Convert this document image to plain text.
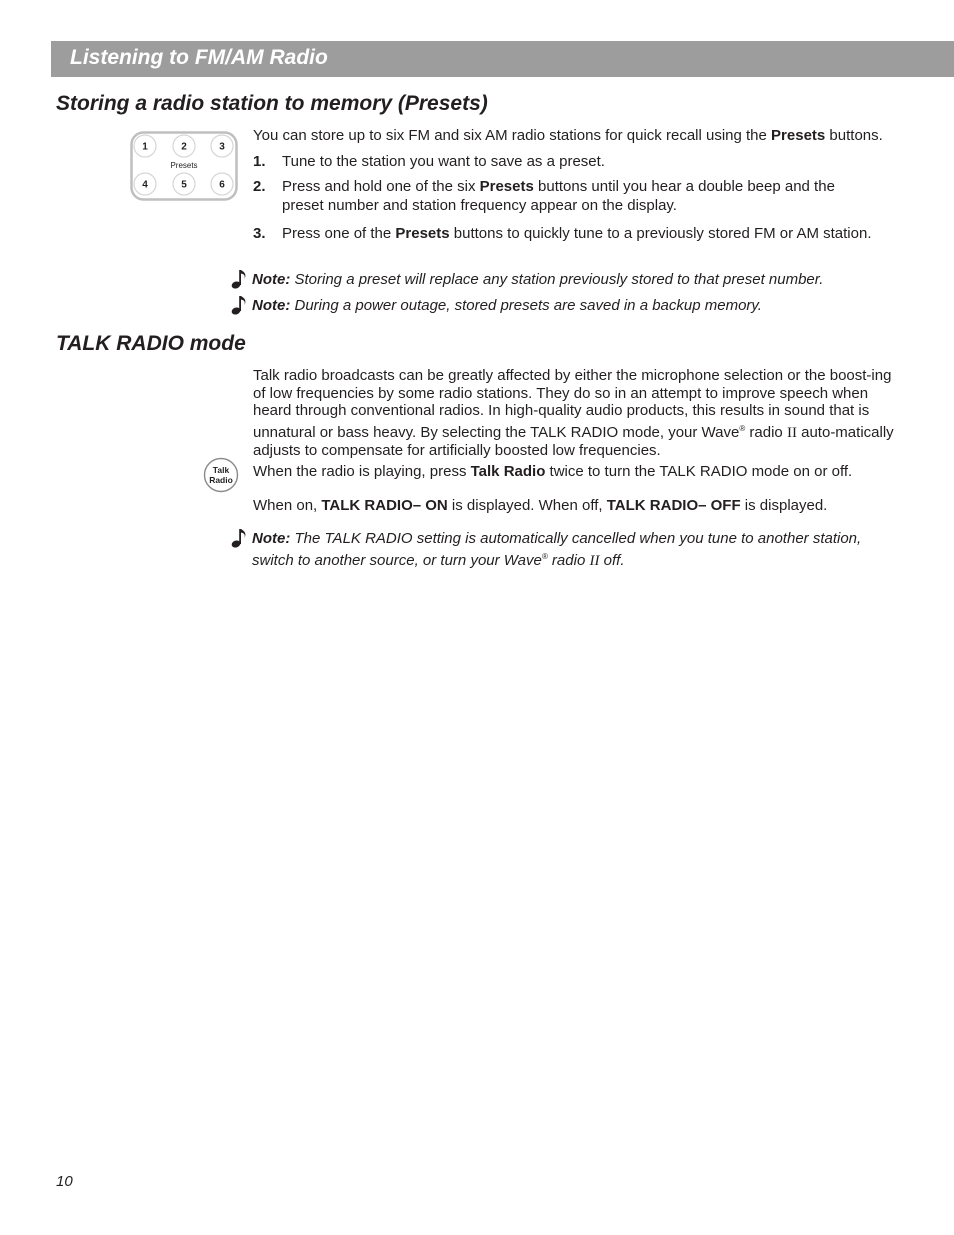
Listening to FM/AM Radio
Storing a radio station to memory (Presets)
1	2	3
4	5	6
Presets

You can store up to six FM and six AM radio stations for quick recall using the Presets buttons.

1. Tune to the station you want to save as a preset.
2. Press and hold one of the six Presets buttons until you hear a double beep and the preset number and station frequency appear on the display.
3. Press one of the Presets buttons to quickly tune to a previously stored FM or AM station.
Note: Storing a preset will replace any station previously stored to that preset number.
Note: During a power outage, stored presets are saved in a backup memory.
TALK RADIO mode

Talk radio broadcasts can be greatly affected by either the microphone selection or the boost-ing of low frequencies by some radio stations. They do so in an attempt to improve speech when heard through conventional radios. In high-quality audio products, this results in sound that is unnatural or bass heavy. By selecting the TALK RADIO mode, your Wave® radio II auto-matically adjusts to compensate for artificially boosted low frequencies.

Talk
Radio When the radio is playing, press Talk Radio twice to turn the TALK RADIO mode on or off.

When on, TALK RADIO– ON is displayed. When off, TALK RADIO– OFF is displayed.

Note: The TALK RADIO setting is automatically cancelled when you tune to another station, switch to another source, or turn your Wave® radio II off.
10
